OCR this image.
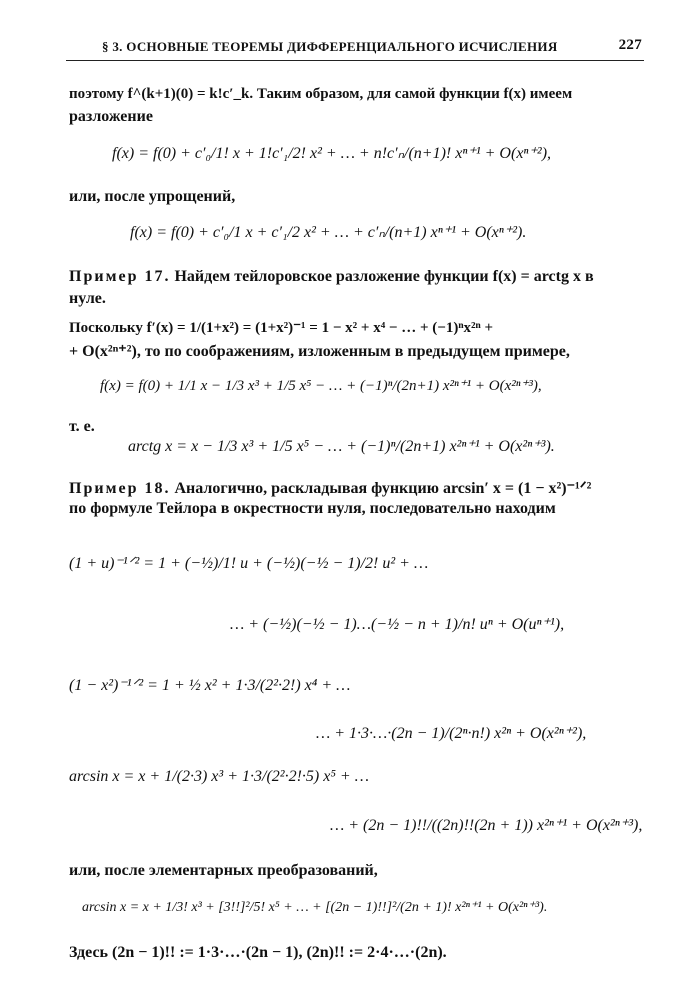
§ 3. ОСНОВНЫЕ ТЕОРЕМЫ ДИФФЕРЕНЦИАЛЬНОГО ИСЧИСЛЕНИЯ	227
поэтому f^(k+1)(0) = k!c′_k. Таким образом, для самой функции f(x) имеем
разложение
f(x) = f(0) + c′₀/1! x + 1!c′₁/2! x² + … + n!c′ₙ/(n+1)! xⁿ⁺¹ + O(xⁿ⁺²),
или, после упрощений,
f(x) = f(0) + c′₀/1 x + c′₁/2 x² + … + c′ₙ/(n+1) xⁿ⁺¹ + O(xⁿ⁺²).
Пример 17. Найдем тейлоровское разложение функции f(x) = arctg x в
нуле.
Поскольку f′(x) = 1/(1+x²) = (1+x²)⁻¹ = 1 − x² + x⁴ − … + (−1)ⁿx²ⁿ +
+ O(x²ⁿ⁺²), то по соображениям, изложенным в предыдущем примере,
f(x) = f(0) + 1/1 x − 1/3 x³ + 1/5 x⁵ − … + (−1)ⁿ/(2n+1) x²ⁿ⁺¹ + O(x²ⁿ⁺³),
т. е.
arctg x = x − 1/3 x³ + 1/5 x⁵ − … + (−1)ⁿ/(2n+1) x²ⁿ⁺¹ + O(x²ⁿ⁺³).
Пример 18. Аналогично, раскладывая функцию arcsin′ x = (1 − x²)⁻¹ᐟ²
по формуле Тейлора в окрестности нуля, последовательно находим
(1 + u)⁻¹ᐟ² = 1 + (−½)/1! u + (−½)(−½ − 1)/2! u² + …
… + (−½)(−½ − 1)…(−½ − n + 1)/n! uⁿ + O(uⁿ⁺¹),
(1 − x²)⁻¹ᐟ² = 1 + ½ x² + 1·3/(2²·2!) x⁴ + …
… + 1·3·…·(2n − 1)/(2ⁿ·n!) x²ⁿ + O(x²ⁿ⁺²),
arcsin x = x + 1/(2·3) x³ + 1·3/(2²·2!·5) x⁵ + …
… + (2n − 1)!!/((2n)!!(2n + 1)) x²ⁿ⁺¹ + O(x²ⁿ⁺³),
или, после элементарных преобразований,
arcsin x = x + 1/3! x³ + [3!!]²/5! x⁵ + … + [(2n − 1)!!]²/(2n + 1)! x²ⁿ⁺¹ + O(x²ⁿ⁺³).
Здесь (2n − 1)!! := 1·3·…·(2n − 1), (2n)!! := 2·4·…·(2n).
